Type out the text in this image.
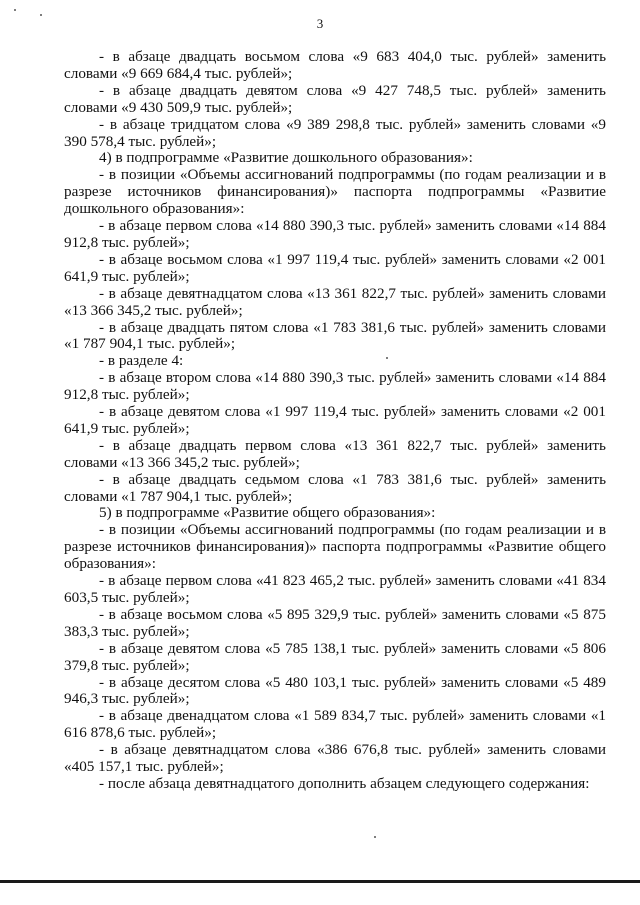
3

- в абзаце двадцать восьмом слова «9 683 404,0 тыс. рублей» заменить словами «9 669 684,4 тыс. рублей»;

- в абзаце двадцать девятом слова «9 427 748,5 тыс. рублей» заменить словами «9 430 509,9 тыс. рублей»;

- в абзаце тридцатом слова «9 389 298,8 тыс. рублей» заменить словами «9 390 578,4 тыс. рублей»;

4) в подпрограмме «Развитие дошкольного образования»:

- в позиции «Объемы ассигнований подпрограммы (по годам реализации и в разрезе источников финансирования)» паспорта подпрограммы «Развитие дошкольного образования»:

- в абзаце первом слова «14 880 390,3 тыс. рублей» заменить словами «14 884 912,8 тыс. рублей»;

- в абзаце восьмом слова «1 997 119,4 тыс. рублей» заменить словами «2 001 641,9 тыс. рублей»;

- в абзаце девятнадцатом слова «13 361 822,7 тыс. рублей» заменить словами «13 366 345,2 тыс. рублей»;

- в абзаце двадцать пятом слова «1 783 381,6 тыс. рублей» заменить словами «1 787 904,1 тыс. рублей»;

- в разделе 4:

- в абзаце втором слова «14 880 390,3 тыс. рублей» заменить словами «14 884 912,8 тыс. рублей»;

- в абзаце девятом слова «1 997 119,4 тыс. рублей» заменить словами «2 001 641,9 тыс. рублей»;

- в абзаце двадцать первом слова «13 361 822,7 тыс. рублей» заменить словами «13 366 345,2 тыс. рублей»;

- в абзаце двадцать седьмом слова «1 783 381,6 тыс. рублей» заменить словами «1 787 904,1 тыс. рублей»;

5) в подпрограмме «Развитие общего образования»:

- в позиции «Объемы ассигнований подпрограммы (по годам реализации и в разрезе источников финансирования)» паспорта подпрограммы «Развитие общего образования»:

- в абзаце первом слова «41 823 465,2 тыс. рублей» заменить словами «41 834 603,5 тыс. рублей»;

- в абзаце восьмом слова «5 895 329,9 тыс. рублей» заменить словами «5 875 383,3 тыс. рублей»;

- в абзаце девятом слова «5 785 138,1 тыс. рублей» заменить словами «5 806 379,8 тыс. рублей»;

- в абзаце десятом слова «5 480 103,1 тыс. рублей» заменить словами «5 489 946,3 тыс. рублей»;

- в абзаце двенадцатом слова «1 589 834,7 тыс. рублей» заменить словами «1 616 878,6 тыс. рублей»;

- в абзаце девятнадцатом слова «386 676,8 тыс. рублей» заменить словами «405 157,1 тыс. рублей»;

- после абзаца девятнадцатого дополнить абзацем следующего содержания:
